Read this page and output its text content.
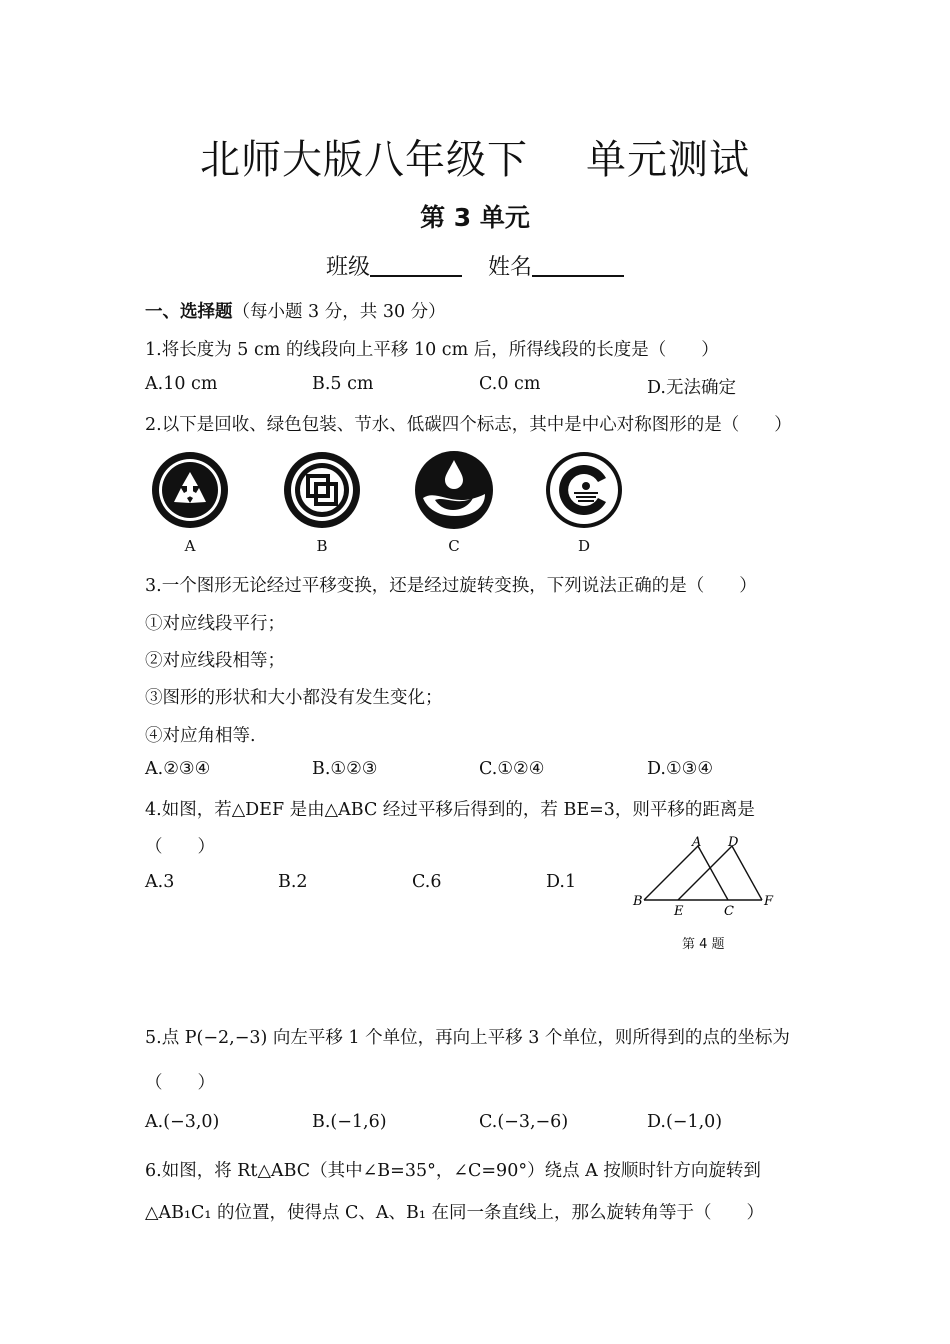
北师大版八年级下 单元测试
第 3 单元
班级	姓名
一、选择题（每小题 3 分，共 30 分）
1.将长度为 5 cm 的线段向上平移 10 cm 后，所得线段的长度是（　　）
A.10 cm	B.5 cm	C.0 cm	D.无法确定
2.以下是回收、绿色包装、节水、低碳四个标志，其中是中心对称图形的是（　　）
A	B	C	D
3.一个图形无论经过平移变换，还是经过旋转变换，下列说法正确的是（　　）
①对应线段平行；
②对应线段相等；
③图形的形状和大小都没有发生变化；
④对应角相等.
A.②③④	B.①②③	C.①②④	D.①③④
4.如图，若△DEF 是由△ABC 经过平移后得到的，若 BE=3，则平移的距离是
（　　）
A.3	B.2	C.6	D.1
A D
B
E	C
F
第 4 题
5.点 P(−2,−3) 向左平移 1 个单位，再向上平移 3 个单位，则所得到的点的坐标为
（　　）
A.(−3,0)	B.(−1,6)	C.(−3,−6)	D.(−1,0)
6.如图，将 Rt△ABC（其中∠B=35°，∠C=90°）绕点 A 按顺时针方向旋转到
△AB₁C₁ 的位置，使得点 C、A、B₁ 在同一条直线上，那么旋转角等于（　　）
